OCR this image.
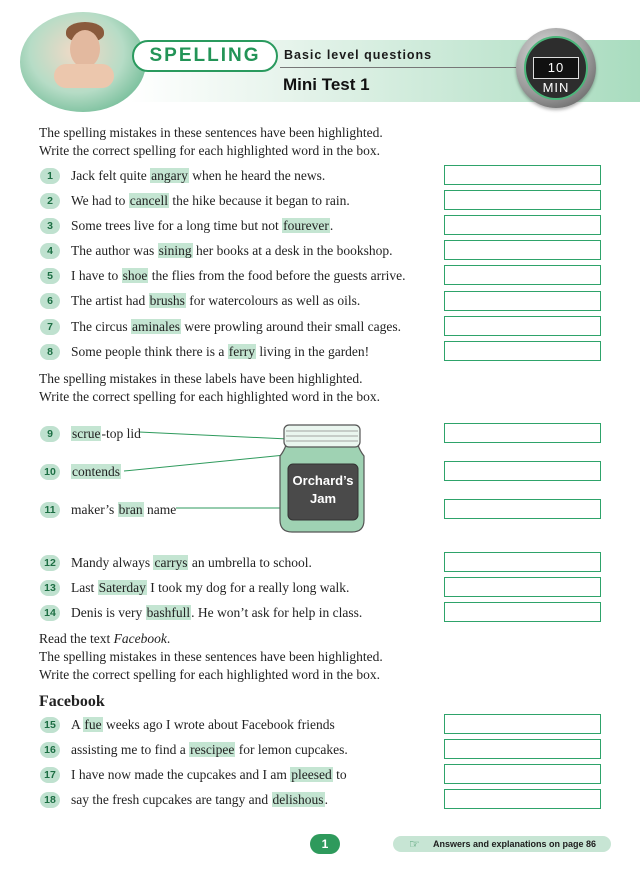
SPELLING	Basic level questions
Mini Test 1
10 MIN
The spelling mistakes in these sentences have been highlighted.
Write the correct spelling for each highlighted word in the box.
1	Jack felt quite angary when he heard the news.
2	We had to cancell the hike because it began to rain.
3	Some trees live for a long time but not fourever.
4	The author was sining her books at a desk in the bookshop.
5	I have to shoe the flies from the food before the guests arrive.
6	The artist had brushs for watercolours as well as oils.
7	The circus aminales were prowling around their small cages.
8	Some people think there is a ferry living in the garden!
The spelling mistakes in these labels have been highlighted.
Write the correct spelling for each highlighted word in the box.
Orchard’s
Jam
9	scrue-top lid
10	contends
11	maker’s bran name
12	Mandy always carrys an umbrella to school.
13	Last Saterday I took my dog for a really long walk.
14	Denis is very bashfull. He won’t ask for help in class.
Read the text Facebook.
The spelling mistakes in these sentences have been highlighted.
Write the correct spelling for each highlighted word in the box.
Facebook
15	A fue weeks ago I wrote about Facebook friends
16	assisting me to find a rescipee for lemon cupcakes.
17	I have now made the cupcakes and I am pleesed to
18	say the fresh cupcakes are tangy and delishous.
1	☞ Answers and explanations on page 86
